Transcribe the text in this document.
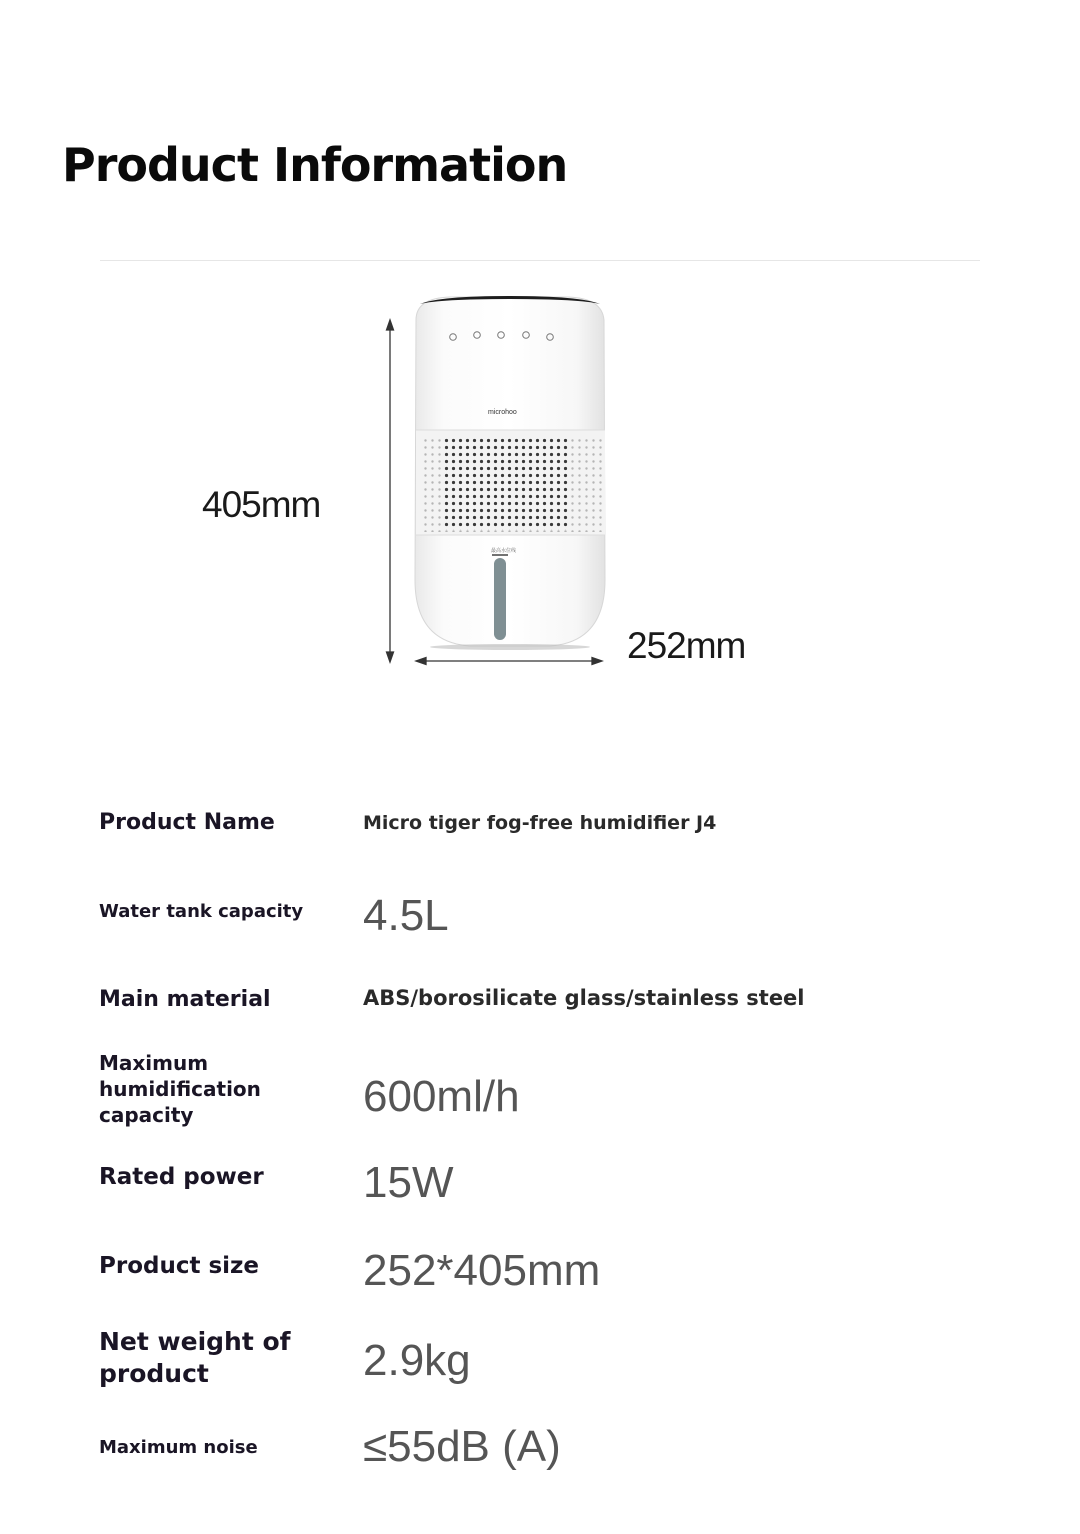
Product Information
microhoo
最高水位线
405mm
252mm
Product Name	Micro tiger fog-free humidifier J4
Water tank capacity 4.5L
Main material	ABS/borosilicate glass/stainless steel
Maximum humidification capacity	600ml/h
Rated power 15W
Product size 252*405mm
Net weight of product	2.9kg
Maximum noise ≤55dB (A)
